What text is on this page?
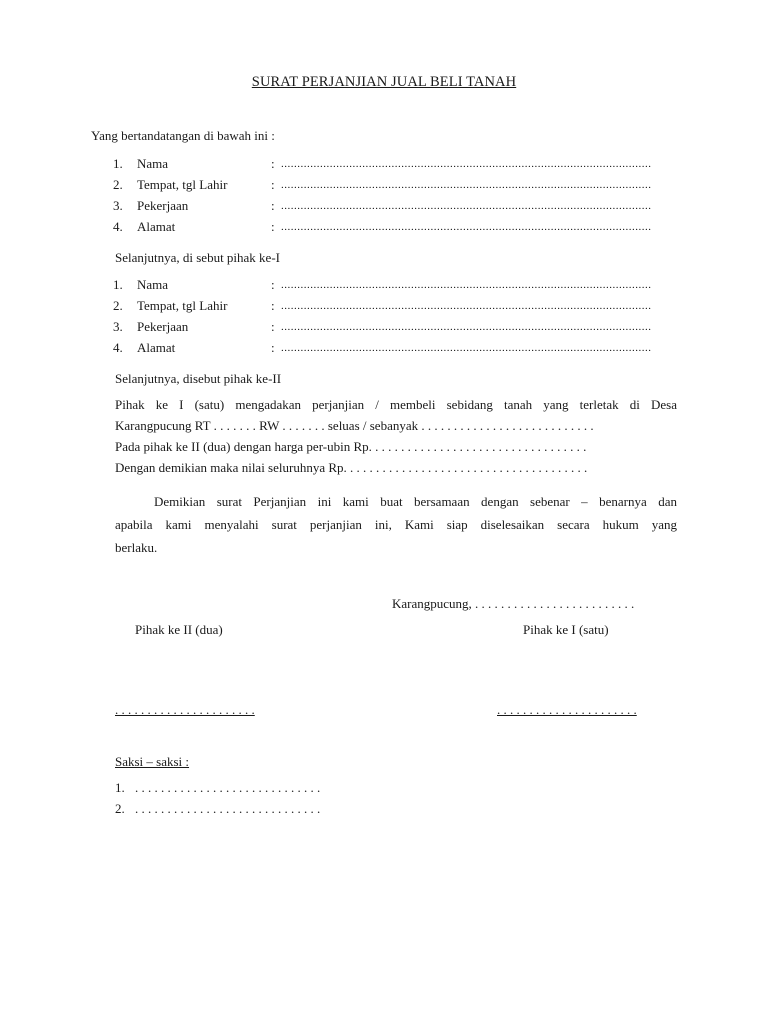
SURAT PERJANJIAN JUAL BELI TANAH
Yang bertandatangan di bawah ini :
1. Nama	: ..................................................................................................................
2. Tempat, tgl Lahir	: ..................................................................................................................
3. Pekerjaan	: ..................................................................................................................
4. Alamat	: ..................................................................................................................
Selanjutnya, di sebut pihak ke-I
1. Nama	: ..................................................................................................................
2. Tempat, tgl Lahir	: ..................................................................................................................
3. Pekerjaan	: ..................................................................................................................
4. Alamat	: ..................................................................................................................
Selanjutnya, disebut pihak ke-II
Pihak ke I (satu) mengadakan perjanjian / membeli sebidang tanah yang terletak di Desa
Karangpucung RT . . . . . . . RW . . . . . . . seluas / sebanyak . . . . . . . . . . . . . . . . . . . . . . . . . . .
Pada pihak ke II (dua) dengan harga per-ubin Rp. . . . . . . . . . . . . . . . . . . . . . . . . . . . . . . . . .
Dengan demikian maka nilai seluruhnya Rp. . . . . . . . . . . . . . . . . . . . . . . . . . . . . . . . . . . . . .
Demikian surat Perjanjian ini kami buat bersamaan dengan sebenar – benarnya dan
apabila kami menyalahi surat perjanjian ini, Kami siap diselesaikan secara hukum yang
berlaku.
Karangpucung, . . . . . . . . . . . . . . . . . . . . . . . . .
Pihak ke II (dua)	Pihak ke I (satu)
. . . . . . . . . . . . . . . . . . . . . .	. . . . . . . . . . . . . . . . . . . . . .
Saksi – saksi :
1. . . . . . . . . . . . . . . . . . . . . . . . . . . . . .
2. . . . . . . . . . . . . . . . . . . . . . . . . . . . . .
